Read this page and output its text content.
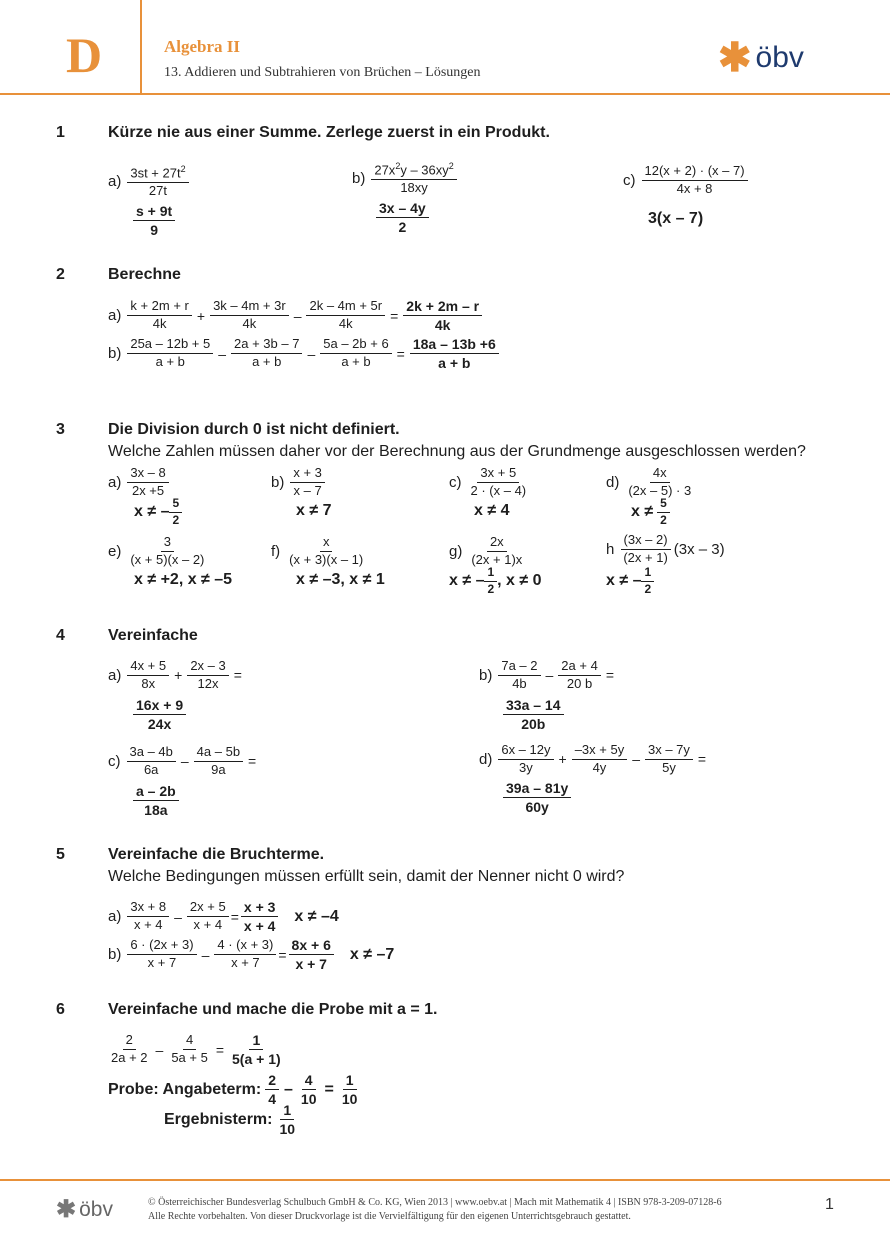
D	Algebra II
13. Addieren und Subtrahieren von Brüchen – Lösungen	✱ öbv
1	Kürze nie aus einer Summe. Zerlege zuerst in ein Produkt.
$a) \frac{3st + 27t^2}{27t}$
$\frac{s + 9t}{9}$
$b) \frac{27x^2y - 36xy^2}{18xy}$
$\frac{3x - 4y}{2}$
$c) \frac{12(x + 2) \cdot (x - 7)}{4x + 8}$
3(x – 7)
2	Berechne
$a) \frac{k + 2m + r}{4k} + \frac{3k - 4m + 3r}{4k} - \frac{2k - 4m + 5r}{4k} = \frac{2k + 2m - r}{4k}$
$b) \frac{25a - 12b + 5}{a + b} - \frac{2a + 3b - 7}{a + b} - \frac{5a - 2b + 6}{a + b} = \frac{18a - 13b +6}{a + b}$
3	Die Division durch 0 ist nicht definiert.
Welche Zahlen müssen daher vor der Berechnung aus der Grundmenge ausgeschlossen werden?
$a) \frac{3x - 8}{2x +5}$
x ≠ – $\frac{5}{2}$
$b) \frac{x + 3}{x - 7}$
x ≠ 7
$c) \frac{3x + 5}{2 \cdot (x - 4)}$
x ≠ 4
$d) \frac{4x}{(2x - 5) \cdot 3}$
$x \ne \frac{5}{2}$
$e) \frac{3}{(x + 5)(x - 2)}$
x ≠ +2, x ≠ –5
$f) \frac{x}{(x + 3)(x - 1)}$
x ≠ –3, x ≠ 1
$g) \frac{2x}{(2x + 1)x}$
x ≠ – $\frac{1}{2}$ , x ≠ 0
h $\frac{(3x - 2)}{(2x + 1)} (3x - 3)$
x ≠ – $\frac{1}{2}$
4	Vereinfache
$a) \frac{4x + 5}{8x} + \frac{2x - 3}{12x}$ =
$\frac{16x + 9}{24x}$
$b) \frac{7a - 2}{4b} - \frac{2a + 4}{20 b}$ =
$\frac{33a - 14}{20b}$
$c) \frac{3a - 4b}{6a} - \frac{4a - 5b}{9a}$ =
$\frac{a - 2b}{18a}$
$d) \frac{6x - 12y}{3y} + \frac{-3x + 5y}{4y} - \frac{3x - 7y}{5y}$ =
$\frac{39a - 81y}{60y}$
5	Vereinfache die Bruchterme.
Welche Bedingungen müssen erfüllt sein, damit der Nenner nicht 0 wird?
$a) \frac{3x + 8}{x + 4} - \frac{2x + 5}{x + 4} = \frac{x + 3}{x + 4}$ x ≠ –4
$b) \frac{6 \cdot (2x + 3)}{x + 7} - \frac{4 \cdot (x + 3)}{x + 7} = \frac{8x + 6}{x + 7}$ x ≠ –7
6	Vereinfache und mache die Probe mit a = 1.
$\frac{2}{2a + 2} - \frac{4}{5a + 5} = \frac{1}{5(a + 1)}$
Probe: Angabeterm: $\frac{2}{4} - \frac{4}{10} = \frac{1}{10}$
Ergebnisterm: $\frac{1}{10}$
✱ öbv	© Österreichischer Bundesverlag Schulbuch GmbH & Co. KG, Wien 2013 | www.oebv.at | Mach mit Mathematik 4 | ISBN 978-3-209-07128-6
Alle Rechte vorbehalten. Von dieser Druckvorlage ist die Vervielfältigung für den eigenen Unterrichtsgebrauch gestattet.
1
